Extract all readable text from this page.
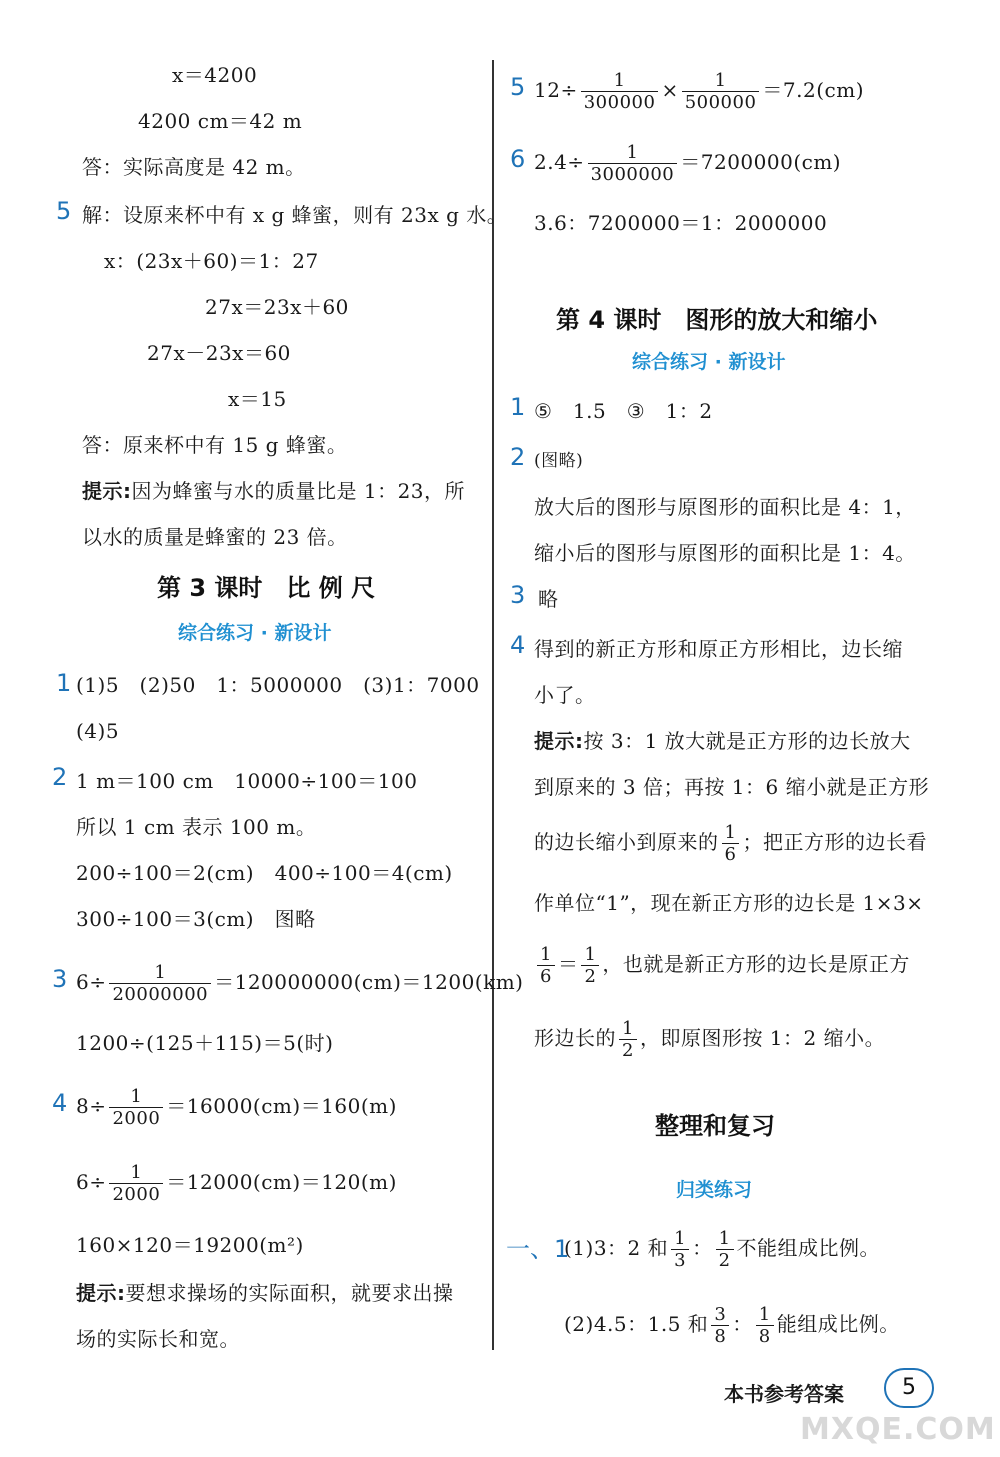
x＝4200
4200 cm＝42 m
答：实际高度是 42 m。
5 解：设原来杯中有 x g 蜂蜜，则有 23x g 水。
x：(23x＋60)＝1：27
27x＝23x＋60
27x－23x＝60
x＝15
答：原来杯中有 15 g 蜂蜜。
提示:因为蜂蜜与水的质量比是 1：23，所
以水的质量是蜂蜜的 23 倍。
第 3 课时　比 例 尺
综合练习 · 新设计
1 (1)5　(2)50　1：5000000　(3)1：7000
(4)5
2 1 m＝100 cm　10000÷100＝100
所以 1 cm 表示 100 m。
200÷100＝2(cm)　400÷100＝4(cm)
300÷100＝3(cm)　图略
3 $6\div \frac{1}{20000000} =120000000(cm)=1200(km)$
1200÷(125＋115)＝5(时)
4 $8\div \frac{1}{2000} =16000(cm)=160(m)$
$6\div \frac{1}{2000} =12000(cm)=120(m)$
160×120＝19200(m²)
提示:要想求操场的实际面积，就要求出操
场的实际长和宽。
5 $12\div \frac{1}{300000} \times \frac{1}{500000} =7.2(cm)$
6 $2.4\div \frac{1}{3000000} =7200000(cm)$
3.6：7200000＝1：2000000
第 4 课时　图形的放大和缩小
综合练习 · 新设计
1 ⑤　1.5　③　1：2
2 (图略)
放大后的图形与原图形的面积比是 4：1，
缩小后的图形与原图形的面积比是 1：4。
3 略
4 得到的新正方形和原正方形相比，边长缩
小了。
提示:按 3：1 放大就是正方形的边长放大
到原来的 3 倍；再按 1：6 缩小就是正方形
的边长缩小到原来的 $\frac{1}{6}$ ；把正方形的边长看
作单位“1”，现在新正方形的边长是 1×3×
$\frac{1}{6} = \frac{1}{2}$ ，也就是新正方形的边长是原正方
形边长的 $\frac{1}{2}$ ，即原图形按 1：2 缩小。
整理和复习
归类练习
一、1
(1)3：2 和 $\frac{1}{3}$ ： $\frac{1}{2}$ 不能组成比例。
(2)4.5：1.5 和 $\frac{3}{8}$ ： $\frac{1}{8}$ 能组成比例。
本书参考答案	5
MXQE.COM
